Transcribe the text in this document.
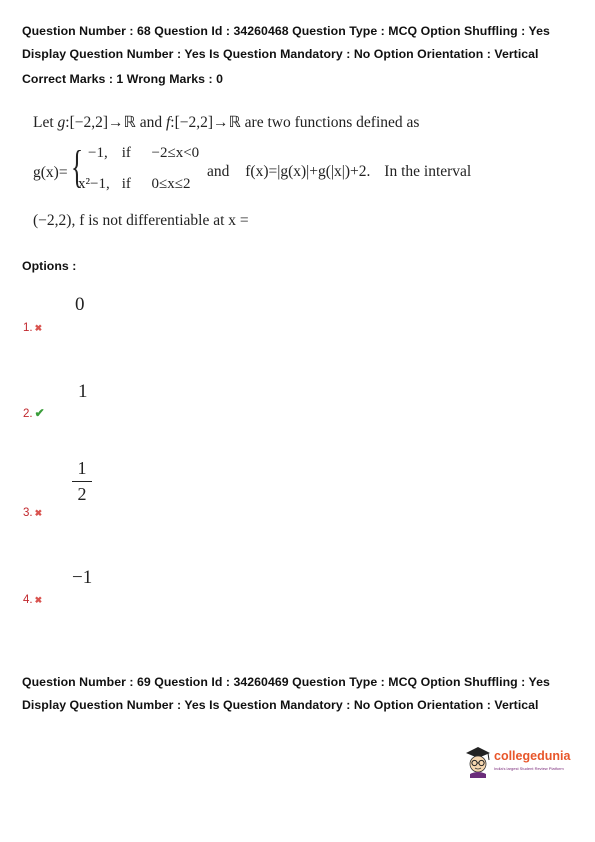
Question Number : 68 Question Id : 34260468 Question Type : MCQ Option Shuffling : Yes
Display Question Number : Yes Is Question Mandatory : No Option Orientation : Vertical
Correct Marks : 1 Wrong Marks : 0
Let g:[−2,2]→ℝ and f:[−2,2]→ℝ are two functions defined as
g(x)= { −1, if −2≤x<0
x²−1, if 0≤x≤2
and f(x)=|g(x)|+g(|x|)+2. In the interval
(−2,2), f is not differentiable at x =
Options :
0
1. ✖
1
2. ✔
1
2
3. ✖
−1
4. ✖
Question Number : 69 Question Id : 34260469 Question Type : MCQ Option Shuffling : Yes
Display Question Number : Yes Is Question Mandatory : No Option Orientation : Vertical
collegedunia
India's largest Student Review Platform
